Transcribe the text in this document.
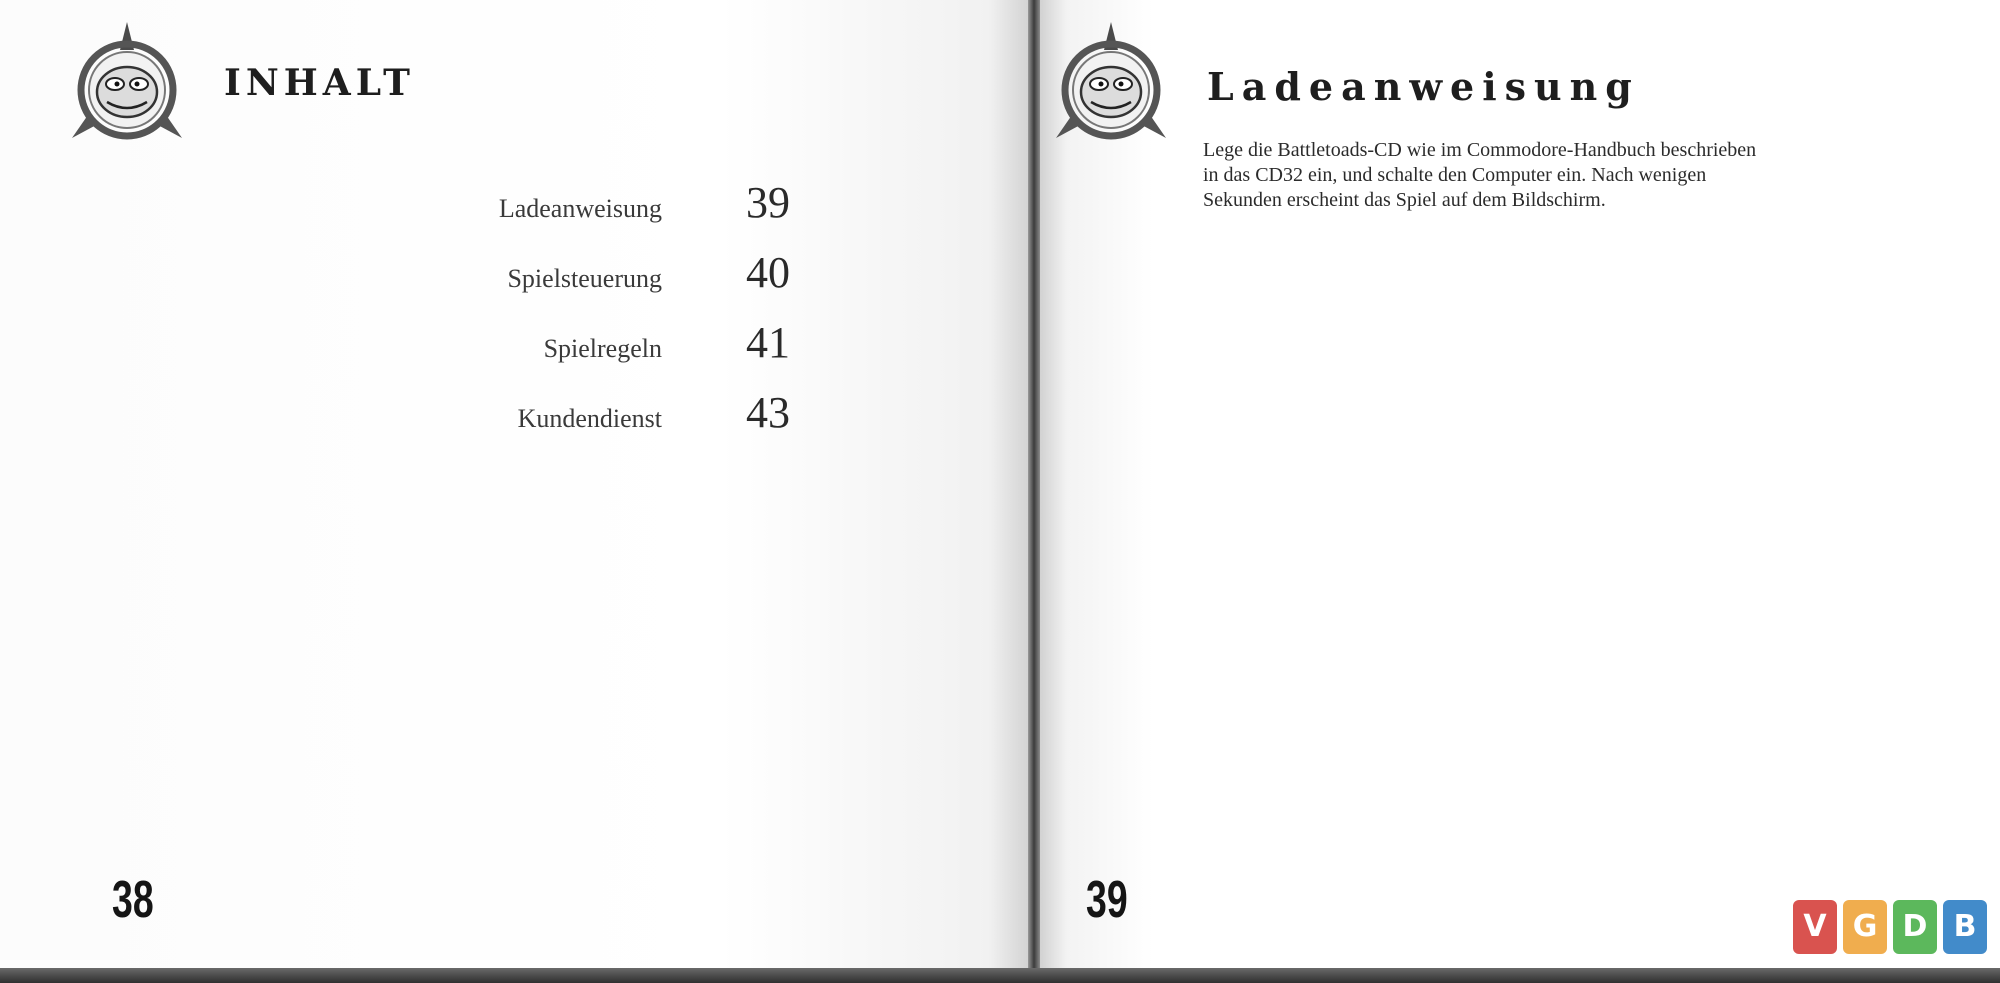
INHALT
Ladeanweisung 39
Spielsteuerung 40
Spielregeln 41
Kundendienst 43
38
Ladeanweisung
Lege die Battletoads-CD wie im Commodore-Handbuch beschrieben
in das CD32 ein, und schalte den Computer ein. Nach wenigen
Sekunden erscheint das Spiel auf dem Bildschirm.
39	V G D B
